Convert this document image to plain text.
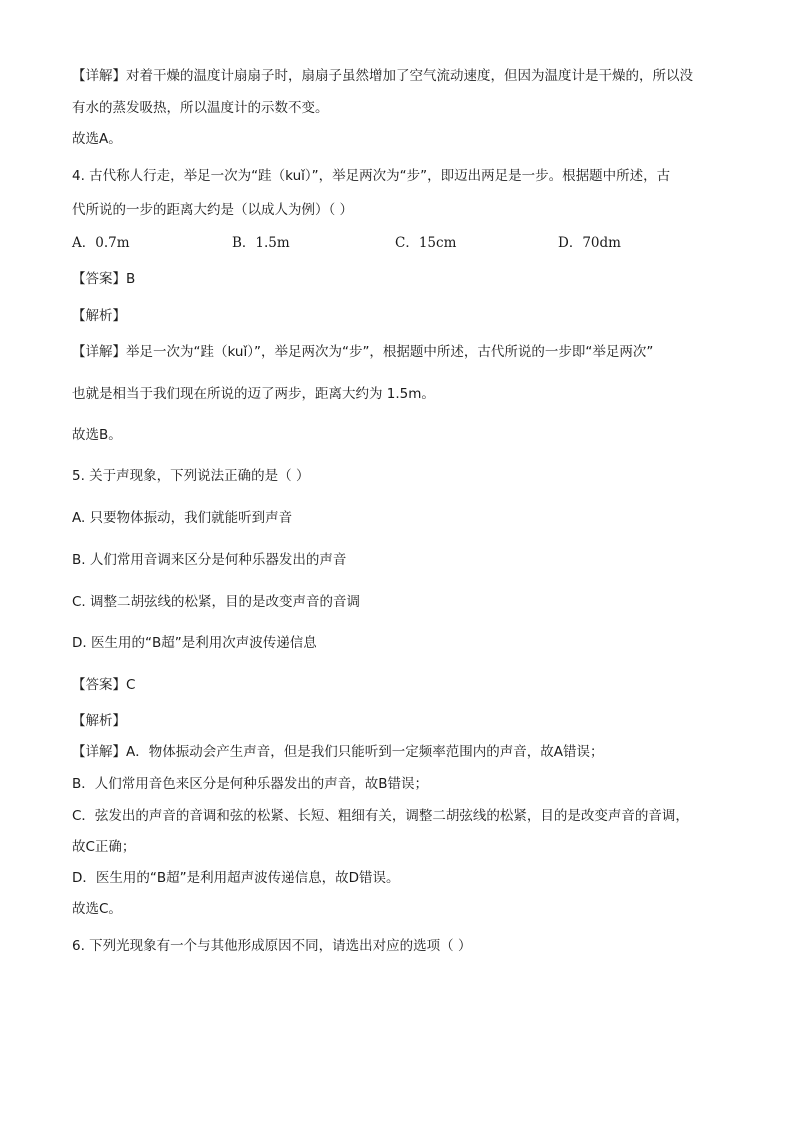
【详解】对着干燥的温度计扇扇子时，扇扇子虽然增加了空气流动速度，但因为温度计是干燥的，所以没
有水的蒸发吸热，所以温度计的示数不变。
故选A。
4. 古代称人行走，举足一次为“跬（kuǐ）”，举足两次为“步”，即迈出两足是一步。根据题中所述，古
代所说的一步的距离大约是（以成人为例）（ ）
A．0.7m	B．1.5m	C．15cm	D．70dm
【答案】B
【解析】
【详解】举足一次为“跬（kuǐ）”，举足两次为“步”，根据题中所述，古代所说的一步即“举足两次”
也就是相当于我们现在所说的迈了两步，距离大约为 1.5m。
故选B。
5. 关于声现象，下列说法正确的是（ ）
A. 只要物体振动，我们就能听到声音
B. 人们常用音调来区分是何种乐器发出的声音
C. 调整二胡弦线的松紧，目的是改变声音的音调
D. 医生用的“B超”是利用次声波传递信息
【答案】C
【解析】
【详解】A．物体振动会产生声音，但是我们只能听到一定频率范围内的声音，故A错误；
B．人们常用音色来区分是何种乐器发出的声音，故B错误；
C．弦发出的声音的音调和弦的松紧、长短、粗细有关，调整二胡弦线的松紧，目的是改变声音的音调，
故C正确；
D．医生用的“B超”是利用超声波传递信息，故D错误。
故选C。
6. 下列光现象有一个与其他形成原因不同，请选出对应的选项（ ）
